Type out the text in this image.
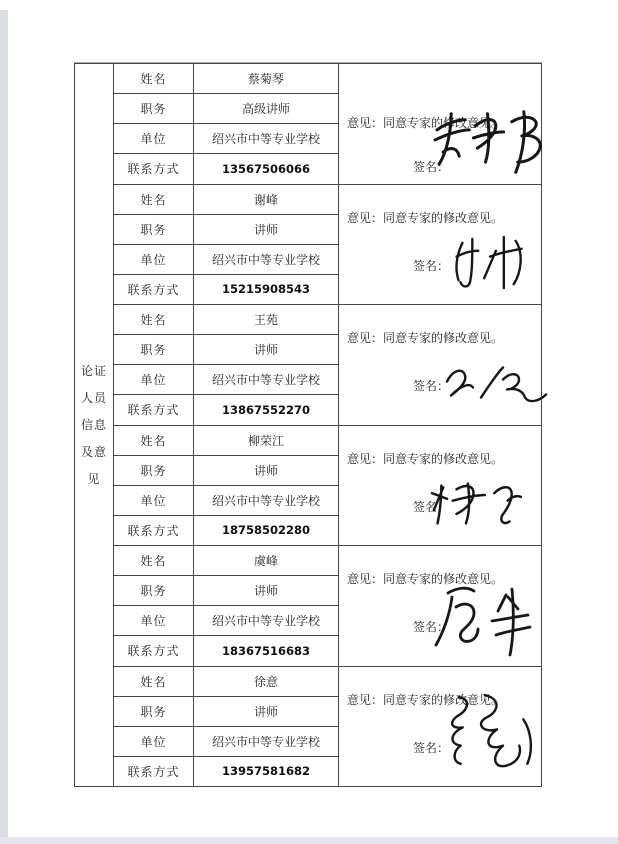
论证人员信息及意见
姓名	蔡菊琴
职务	高级讲师
单位	绍兴市中等专业学校
联系方式	13567506066
意见：同意专家的修改意见。
签名：
姓名	谢峰
职务	讲师
单位	绍兴市中等专业学校
联系方式	15215908543
意见：同意专家的修改意见。
签名：
姓名	王苑
职务	讲师
单位	绍兴市中等专业学校
联系方式	13867552270
意见：同意专家的修改意见。
签名：
姓名	柳荣江
职务	讲师
单位	绍兴市中等专业学校
联系方式	18758502280
意见：同意专家的修改意见。
签名：
姓名	虞峰
职务	讲师
单位	绍兴市中等专业学校
联系方式	18367516683
意见：同意专家的修改意见。
签名：
姓名	徐意
职务	讲师
单位	绍兴市中等专业学校
联系方式	13957581682
意见：同意专家的修改意见。
签名：
